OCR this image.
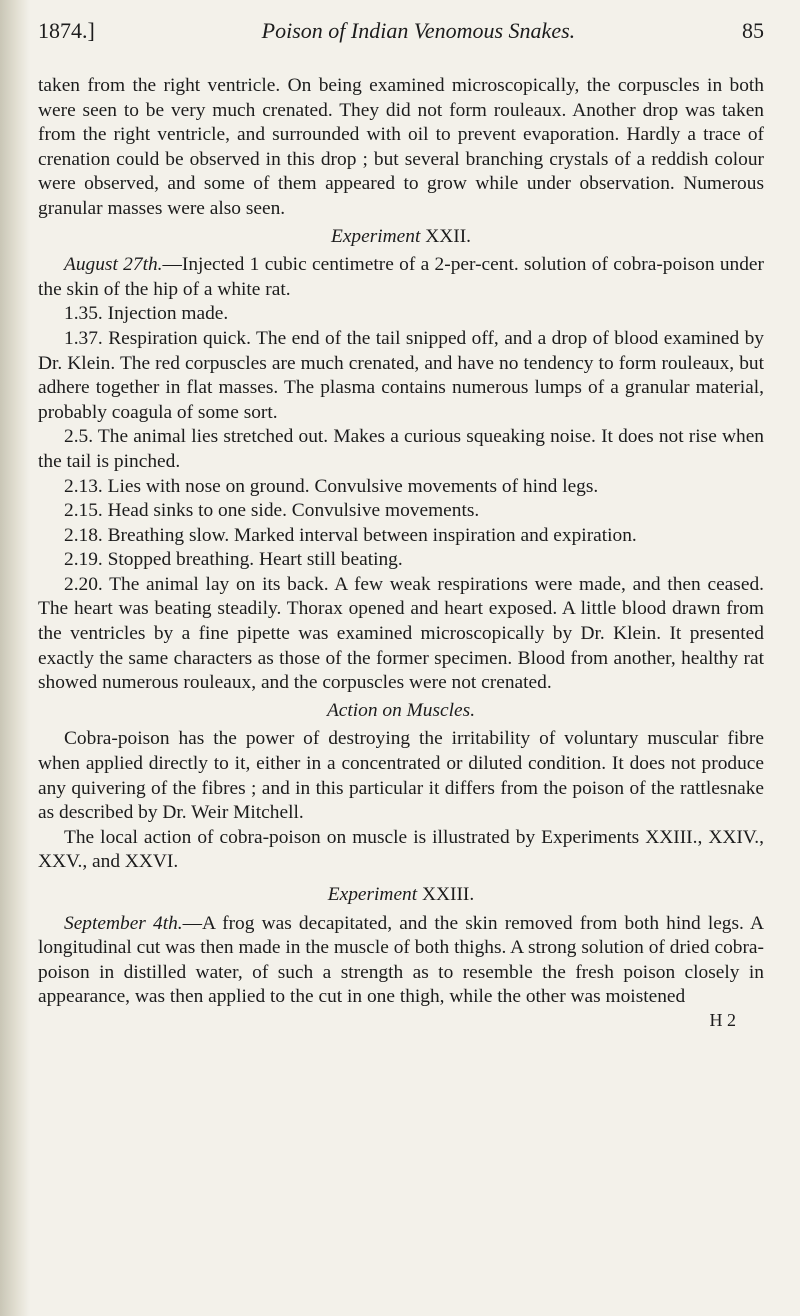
1874.]	Poison of Indian Venomous Snakes.	85

taken from the right ventricle. On being examined microscopically, the corpuscles in both were seen to be very much crenated. They did not form rouleaux. Another drop was taken from the right ventricle, and surrounded with oil to prevent evaporation. Hardly a trace of crenation could be observed in this drop ; but several branching crystals of a reddish colour were observed, and some of them appeared to grow while under observation. Numerous granular masses were also seen.

Experiment XXII.

August 27th.—Injected 1 cubic centimetre of a 2-per-cent. solution of cobra-poison under the skin of the hip of a white rat.

1.35. Injection made.

1.37. Respiration quick. The end of the tail snipped off, and a drop of blood examined by Dr. Klein. The red corpuscles are much crenated, and have no tendency to form rouleaux, but adhere together in flat masses. The plasma contains numerous lumps of a granular material, probably coagula of some sort.

2.5. The animal lies stretched out. Makes a curious squeaking noise. It does not rise when the tail is pinched.

2.13. Lies with nose on ground. Convulsive movements of hind legs.

2.15. Head sinks to one side. Convulsive movements.

2.18. Breathing slow. Marked interval between inspiration and expiration.

2.19. Stopped breathing. Heart still beating.

2.20. The animal lay on its back. A few weak respirations were made, and then ceased. The heart was beating steadily. Thorax opened and heart exposed. A little blood drawn from the ventricles by a fine pipette was examined microscopically by Dr. Klein. It presented exactly the same characters as those of the former specimen. Blood from another, healthy rat showed numerous rouleaux, and the corpuscles were not crenated.

Action on Muscles.

Cobra-poison has the power of destroying the irritability of voluntary muscular fibre when applied directly to it, either in a concentrated or diluted condition. It does not produce any quivering of the fibres ; and in this particular it differs from the poison of the rattlesnake as described by Dr. Weir Mitchell.

The local action of cobra-poison on muscle is illustrated by Experiments XXIII., XXIV., XXV., and XXVI.

Experiment XXIII.

September 4th.—A frog was decapitated, and the skin removed from both hind legs. A longitudinal cut was then made in the muscle of both thighs. A strong solution of dried cobra-poison in distilled water, of such a strength as to resemble the fresh poison closely in appearance, was then applied to the cut in one thigh, while the other was moistened

H 2
